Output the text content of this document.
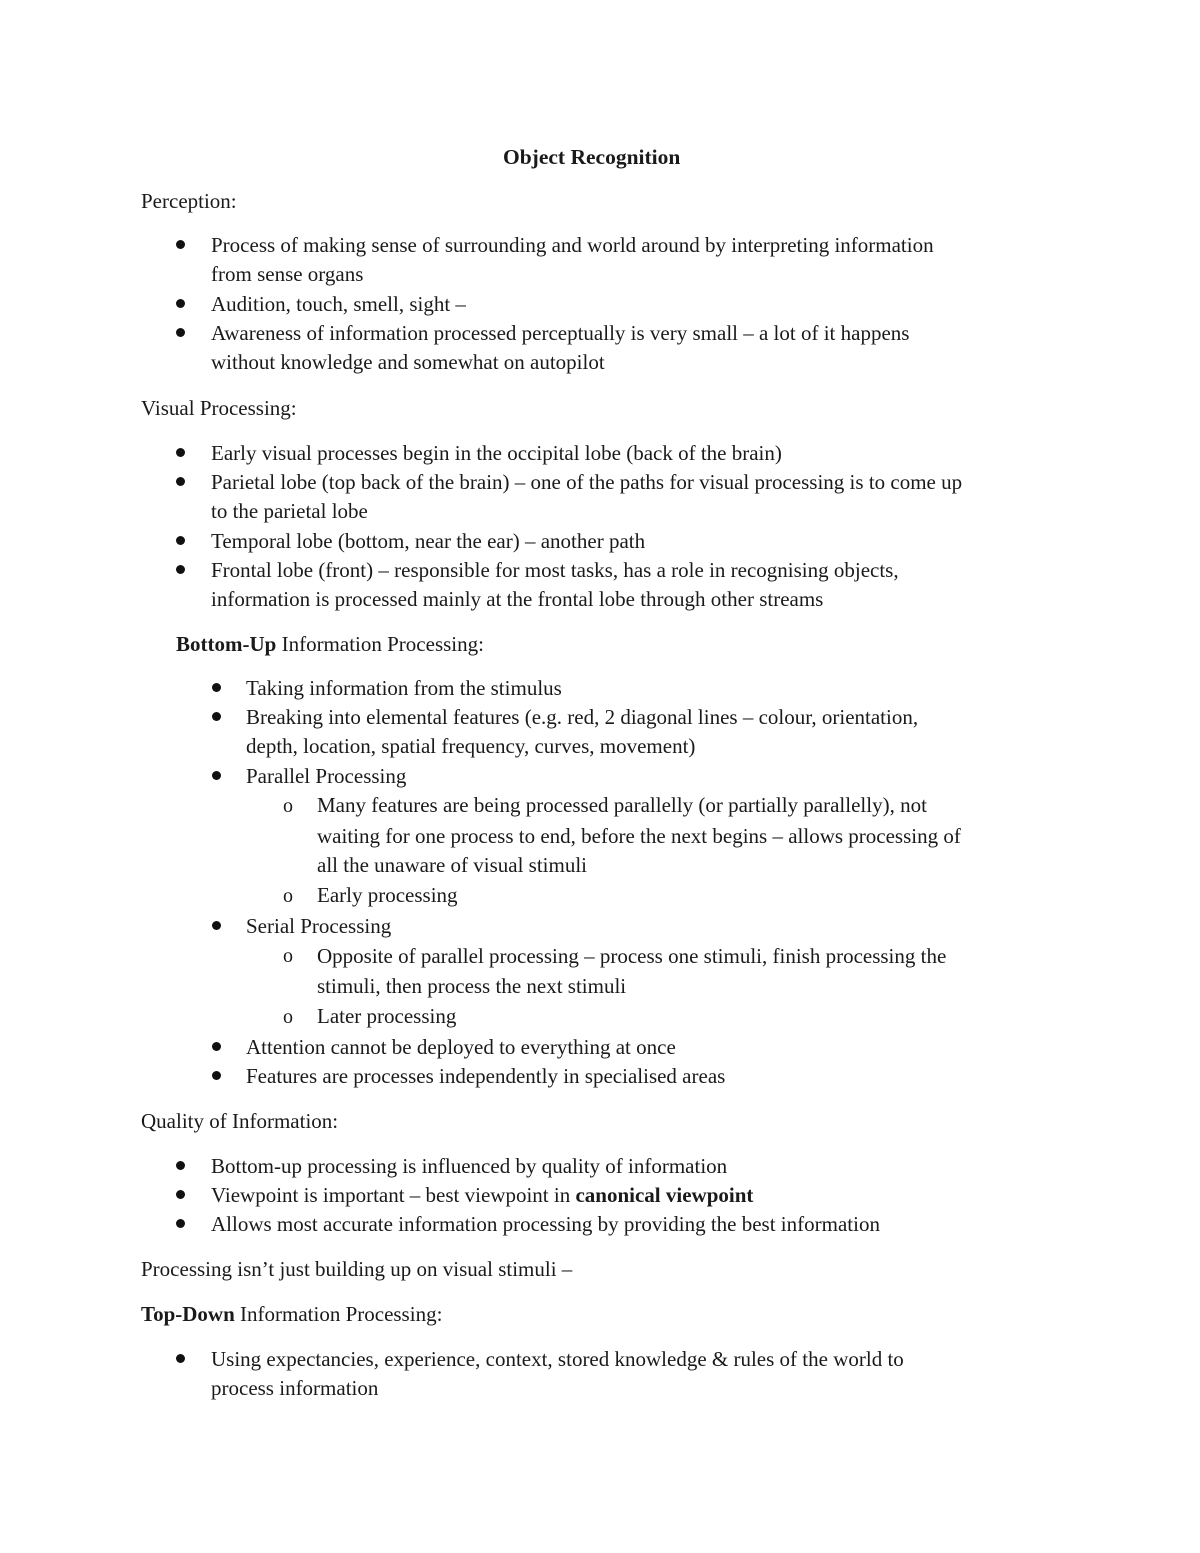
Object Recognition
Perception:
Process of making sense of surrounding and world around by interpreting information
from sense organs
Audition, touch, smell, sight –
Awareness of information processed perceptually is very small – a lot of it happens
without knowledge and somewhat on autopilot
Visual Processing:
Early visual processes begin in the occipital lobe (back of the brain)
Parietal lobe (top back of the brain) – one of the paths for visual processing is to come up
to the parietal lobe
Temporal lobe (bottom, near the ear) – another path
Frontal lobe (front) – responsible for most tasks, has a role in recognising objects,
information is processed mainly at the frontal lobe through other streams
Bottom-Up Information Processing:
Taking information from the stimulus
Breaking into elemental features (e.g. red, 2 diagonal lines – colour, orientation,
depth, location, spatial frequency, curves, movement)
Parallel Processing
o Many features are being processed parallelly (or partially parallelly), not
waiting for one process to end, before the next begins – allows processing of
all the unaware of visual stimuli
o Early processing
Serial Processing
o Opposite of parallel processing – process one stimuli, finish processing the
stimuli, then process the next stimuli
o Later processing
Attention cannot be deployed to everything at once
Features are processes independently in specialised areas
Quality of Information:
Bottom-up processing is influenced by quality of information
Viewpoint is important – best viewpoint in canonical viewpoint
Allows most accurate information processing by providing the best information
Processing isn’t just building up on visual stimuli –
Top-Down Information Processing:
Using expectancies, experience, context, stored knowledge & rules of the world to
process information
